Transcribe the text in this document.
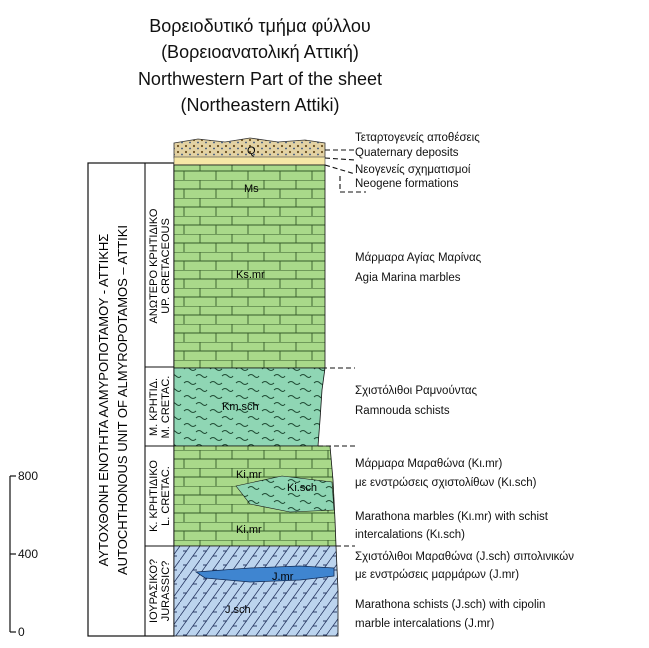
Βορειοδυτικό τμήμα φύλλου
(Βορειοανατολική Αττική)
Northwestern Part of the sheet
(Northeastern Attiki)
ΑΥΤΟΧΘΟΝΗ ΕΝΟΤΗΤΑ ΑΛΜΥΡΟΠΟΤΑΜΟΥ - ΑΤΤΙΚΗΣ AUTOCHTHONOUS UNIT OF ALMYROPOTAMOS – ATTIKI ΑΝΩΤΕΡΟ ΚΡΗΤΙΔΙΚΟ UP. CRETACEOUS
Μ. ΚΡΗΤΙΔ. M. CRETAC.
Κ. ΚΡΗΤΙΔΙΚΟ L. CRETAC.
ΙΟΥΡΑΣΙΚΟ? JURASSIC?
Q
Ms
Ks.mr
Km.sch
Ki.mr
Ki.sch
Ki.mr
J.mr
J.sch
800
400
0
Τεταρτογενείς αποθέσεις
Quaternary deposits
Νεογενείς σχηματισμοί
Neogene formations
Μάρμαρα Αγίας Μαρίνας
Agia Marina marbles
Σχιστόλιθοι Ραμνούντας
Ramnouda schists
Μάρμαρα Μαραθώνα (Kι.mr)
με ενστρώσεις σχιστολίθων (Kι.sch)
Marathona marbles (Kι.mr) with schist
intercalations (Kι.sch)
Σχιστόλιθοι Μαραθώνα (J.sch) σιπολινικών
με ενστρώσεις μαρμάρων (J.mr)
Marathona schists (J.sch) with cipolin
marble intercalations (J.mr)
